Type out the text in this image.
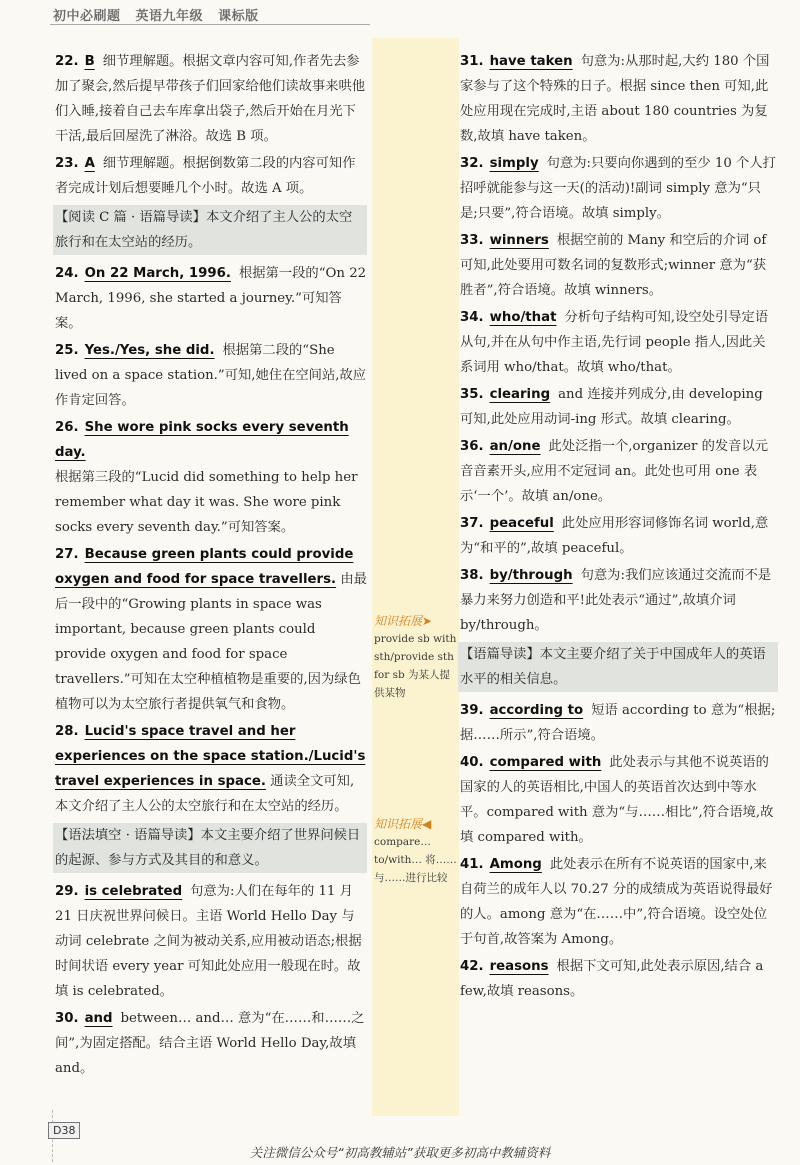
初中必刷题 英语九年级 课标版
22. B 细节理解题。根据文章内容可知,作者先去参加了聚会,然后提早带孩子们回家给他们读故事来哄他们入睡,接着自己去车库拿出袋子,然后开始在月光下干活,最后回屋洗了淋浴。故选 B 项。
23. A 细节理解题。根据倒数第二段的内容可知作者完成计划后想要睡几个小时。故选 A 项。
【阅读 C 篇 · 语篇导读】本文介绍了主人公的太空旅行和在太空站的经历。
24. On 22 March, 1996. 根据第一段的“On 22 March, 1996, she started a journey.”可知答案。
25. Yes./Yes, she did. 根据第二段的“She lived on a space station.”可知,她住在空间站,故应作肯定回答。
26. She wore pink socks every seventh day.
根据第三段的“Lucid did something to help her remember what day it was. She wore pink socks every seventh day.”可知答案。
27. Because green plants could provide oxygen and food for space travellers. 由最后一段中的“Growing plants in space was important, because green plants could provide oxygen and food for space travellers.”可知在太空种植植物是重要的,因为绿色植物可以为太空旅行者提供氧气和食物。
28. Lucid's space travel and her experiences on the space station./Lucid's travel experiences in space. 通读全文可知,本文介绍了主人公的太空旅行和在太空站的经历。
【语法填空 · 语篇导读】本文主要介绍了世界问候日的起源、参与方式及其目的和意义。
29. is celebrated 句意为:人们在每年的 11 月 21 日庆祝世界问候日。主语 World Hello Day 与动词 celebrate 之间为被动关系,应用被动语态;根据时间状语 every year 可知此处应用一般现在时。故填 is celebrated。
30. and between… and… 意为“在……和……之间”,为固定搭配。结合主语 World Hello Day,故填 and。
知识拓展➤
provide sb with sth/provide sth for sb 为某人提供某物
知识拓展◀
compare… to/with… 将……与……进行比较
31. have taken 句意为:从那时起,大约 180 个国家参与了这个特殊的日子。根据 since then 可知,此处应用现在完成时,主语 about 180 countries 为复数,故填 have taken。
32. simply 句意为:只要向你遇到的至少 10 个人打招呼就能参与这一天(的活动)!副词 simply 意为“只是;只要”,符合语境。故填 simply。
33. winners 根据空前的 Many 和空后的介词 of 可知,此处要用可数名词的复数形式;winner 意为“获胜者”,符合语境。故填 winners。
34. who/that 分析句子结构可知,设空处引导定语从句,并在从句中作主语,先行词 people 指人,因此关系词用 who/that。故填 who/that。
35. clearing and 连接并列成分,由 developing 可知,此处应用动词-ing 形式。故填 clearing。
36. an/one 此处泛指一个,organizer 的发音以元音音素开头,应用不定冠词 an。此处也可用 one 表示‘一个’。故填 an/one。
37. peaceful 此处应用形容词修饰名词 world,意为“和平的”,故填 peaceful。
38. by/through 句意为:我们应该通过交流而不是暴力来努力创造和平!此处表示“通过”,故填介词 by/through。
【语篇导读】本文主要介绍了关于中国成年人的英语水平的相关信息。
39. according to 短语 according to 意为“根据;据……所示”,符合语境。
40. compared with 此处表示与其他不说英语的国家的人的英语相比,中国人的英语首次达到中等水平。compared with 意为“与……相比”,符合语境,故填 compared with。
41. Among 此处表示在所有不说英语的国家中,来自荷兰的成年人以 70.27 分的成绩成为英语说得最好的人。among 意为“在……中”,符合语境。设空处位于句首,故答案为 Among。
42. reasons 根据下文可知,此处表示原因,结合 a few,故填 reasons。
D38
关注微信公众号“初高教辅站”获取更多初高中教辅资料
